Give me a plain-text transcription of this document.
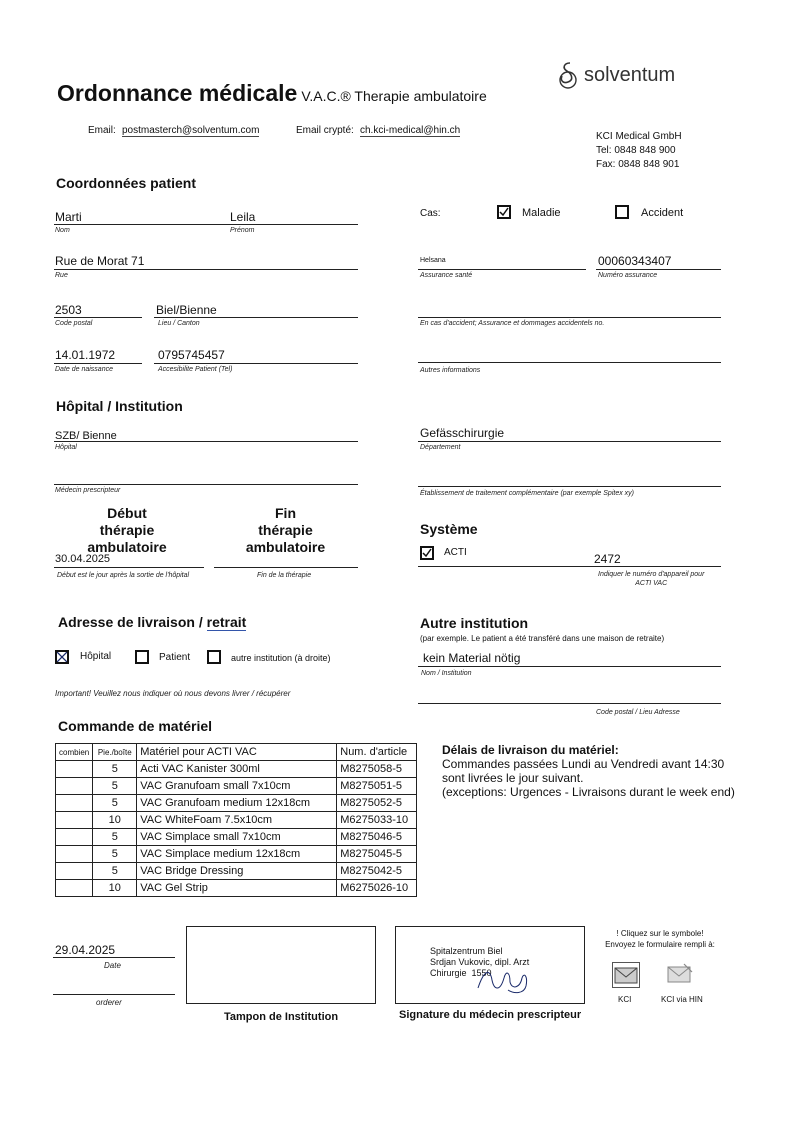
Ordonnance médicale V.A.C.® Therapie ambulatoire
solventum
Email: postmasterch@solventum.com	Email crypté: ch.kci-medical@hin.ch
KCI Medical GmbH
Tel: 0848 848 900
Fax: 0848 848 901
Coordonnées patient
Marti	Leila
Nom	Prénom
Rue de Morat 71
Rue
2503	Biel/Bienne
Code postal	Lieu / Canton
14.01.1972	0795745457
Date de naissance	Accesibilite Patient (Tel)
Cas:	Maladie	Accident
Helsana	00060343407
Assurance santé	Numéro assurance
En cas d'accident; Assurance et dommages accidentels no.
Autres informations
Hôpital / Institution
SZB/ Bienne
Hôpital
Gefässchirurgie
Département
Médecin prescripteur	Établissement de traitement complémentaire (par exemple Spitex xy)
Début
thérapie ambulatoire
Fin
thérapie ambulatoire
30.04.2025
Début est le jour après la sortie de l'hôpital	Fin de la thérapie
Système
ACTI	2472
Indiquer le numéro d'appareil pour
ACTI VAC
Adresse de livraison / retrait
Hôpital	Patient	autre institution (à droite)
Important! Veuillez nous indiquer où nous devons livrer / récupérer
Autre institution
(par exemple. Le patient a été transféré dans une maison de retraite)
kein Material nötig
Nom / Institution
Code postal / Lieu Adresse
Commande de matériel
combien	Pie./boîte	Matériel pour ACTI VAC	Num. d'article
	5	Acti VAC Kanister 300ml	M8275058-5
	5	VAC Granufoam small 7x10cm	M8275051-5
	5	VAC Granufoam medium 12x18cm	M8275052-5
	10	VAC WhiteFoam 7.5x10cm	M6275033-10
	5	VAC Simplace small 7x10cm	M8275046-5
	5	VAC Simplace medium 12x18cm	M8275045-5
	5	VAC Bridge Dressing	M8275042-5
	10	VAC Gel Strip	M6275026-10
Délais de livraison du matériel:
Commandes passées Lundi au Vendredi avant 14:30
sont livrées le jour suivant.
(exceptions: Urgences - Livraisons durant le week end)
29.04.2025
Date
orderer
Tampon de Institution
Spitalzentrum Biel
Srdjan Vukovic, dipl. Arzt
Chirurgie 1550
Signature du médecin prescripteur
! Cliquez sur le symbole!
Envoyez le formulaire rempli à:
KCI	KCI via HIN
